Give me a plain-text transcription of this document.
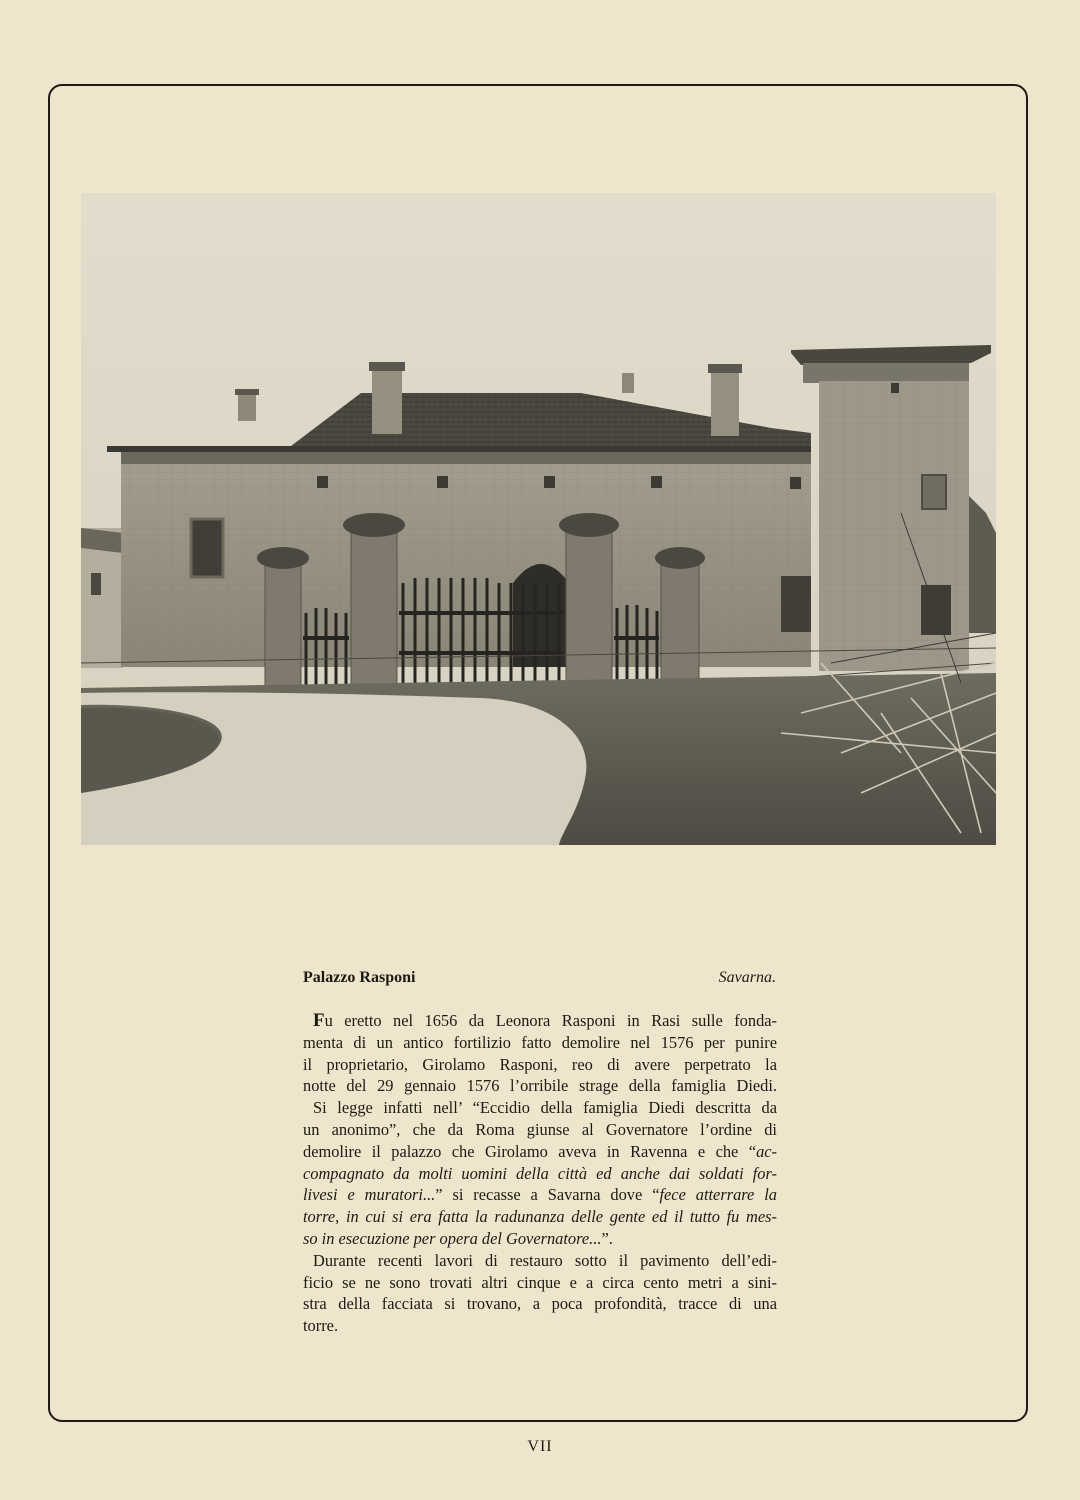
Palazzo Rasponi	Savarna.
Fu eretto nel 1656 da Leonora Rasponi in Rasi sulle fonda-
menta di un antico fortilizio fatto demolire nel 1576 per punire
il proprietario, Girolamo Rasponi, reo di avere perpetrato la
notte del 29 gennaio 1576 l’orribile strage della famiglia Diedi.
Si legge infatti nell’ “Eccidio della famiglia Diedi descritta da
un anonimo”, che da Roma giunse al Governatore l’ordine di
demolire il palazzo che Girolamo aveva in Ravenna e che “ac-
compagnato da molti uomini della città ed anche dai soldati for-
livesi e muratori...” si recasse a Savarna dove “fece atterrare la
torre, in cui si era fatta la radunanza delle gente ed il tutto fu mes-
so in esecuzione per opera del Governatore...”.
Durante recenti lavori di restauro sotto il pavimento dell’edi-
ficio se ne sono trovati altri cinque e a circa cento metri a sini-
stra della facciata si trovano, a poca profondità, tracce di una
torre.
VII
